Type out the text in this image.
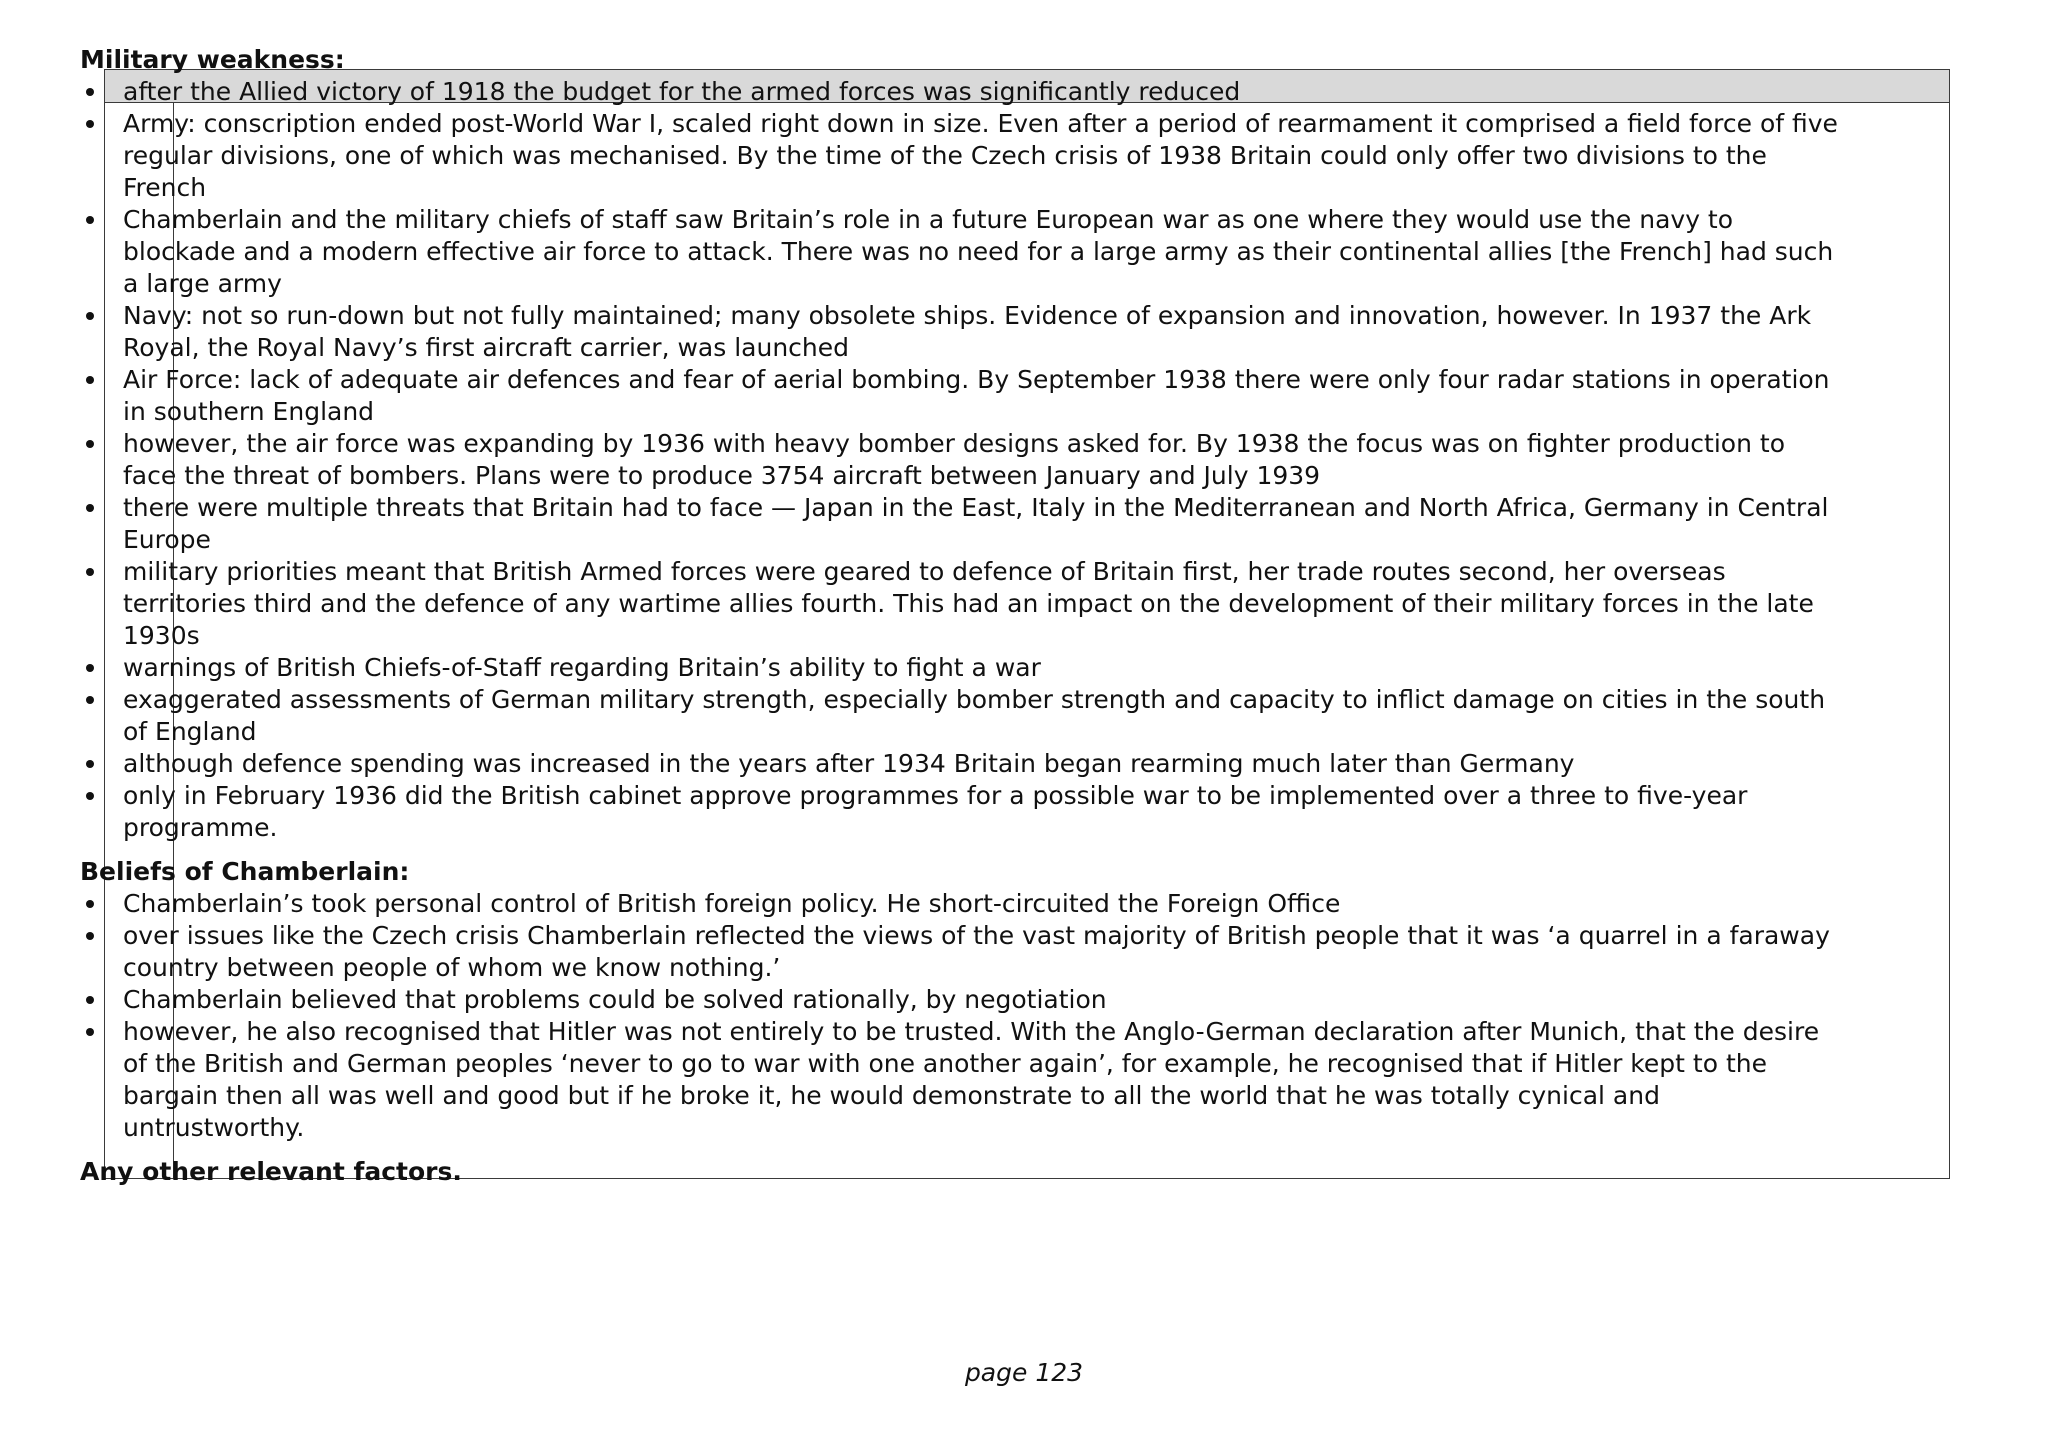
Military weakness:
after the Allied victory of 1918 the budget for the armed forces was significantly reduced
Army: conscription ended post-World War I, scaled right down in size. Even after a period of rearmament it comprised a field force of five regular divisions, one of which was mechanised. By the time of the Czech crisis of 1938 Britain could only offer two divisions to the French
Chamberlain and the military chiefs of staff saw Britain’s role in a future European war as one where they would use the navy to blockade and a modern effective air force to attack. There was no need for a large army as their continental allies [the French] had such a large army
Navy: not so run-down but not fully maintained; many obsolete ships. Evidence of expansion and innovation, however. In 1937 the Ark Royal, the Royal Navy’s first aircraft carrier, was launched
Air Force: lack of adequate air defences and fear of aerial bombing. By September 1938 there were only four radar stations in operation in southern England
however, the air force was expanding by 1936 with heavy bomber designs asked for. By 1938 the focus was on fighter production to face the threat of bombers. Plans were to produce 3754 aircraft between January and July 1939
there were multiple threats that Britain had to face — Japan in the East, Italy in the Mediterranean and North Africa, Germany in Central Europe
military priorities meant that British Armed forces were geared to defence of Britain first, her trade routes second, her overseas territories third and the defence of any wartime allies fourth. This had an impact on the development of their military forces in the late 1930s
warnings of British Chiefs-of-Staff regarding Britain’s ability to fight a war
exaggerated assessments of German military strength, especially bomber strength and capacity to inflict damage on cities in the south of England
although defence spending was increased in the years after 1934 Britain began rearming much later than Germany
only in February 1936 did the British cabinet approve programmes for a possible war to be implemented over a three to five-year programme.
Beliefs of Chamberlain:
Chamberlain’s took personal control of British foreign policy. He short-circuited the Foreign Office
over issues like the Czech crisis Chamberlain reflected the views of the vast majority of British people that it was ‘a quarrel in a faraway country between people of whom we know nothing.’
Chamberlain believed that problems could be solved rationally, by negotiation
however, he also recognised that Hitler was not entirely to be trusted. With the Anglo-German declaration after Munich, that the desire of the British and German peoples ‘never to go to war with one another again’, for example, he recognised that if Hitler kept to the bargain then all was well and good but if he broke it, he would demonstrate to all the world that he was totally cynical and untrustworthy.
Any other relevant factors.
page 123
